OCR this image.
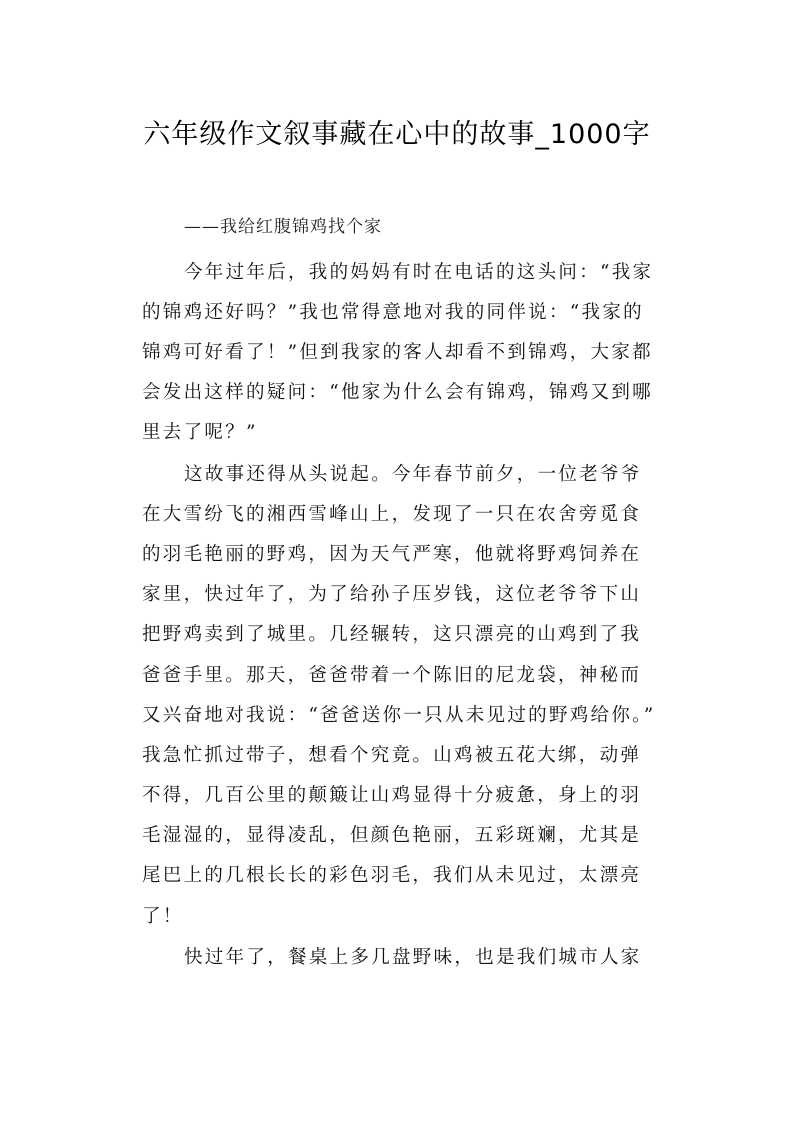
六年级作文叙事藏在心中的故事_1000字
——我给红腹锦鸡找个家
今年过年后，我的妈妈有时在电话的这头问：“我家
的锦鸡还好吗？”我也常得意地对我的同伴说：“我家的
锦鸡可好看了！”但到我家的客人却看不到锦鸡，大家都
会发出这样的疑问：“他家为什么会有锦鸡，锦鸡又到哪
里去了呢？”
这故事还得从头说起。今年春节前夕，一位老爷爷
在大雪纷飞的湘西雪峰山上，发现了一只在农舍旁觅食
的羽毛艳丽的野鸡，因为天气严寒，他就将野鸡饲养在
家里，快过年了，为了给孙子压岁钱，这位老爷爷下山
把野鸡卖到了城里。几经辗转，这只漂亮的山鸡到了我
爸爸手里。那天，爸爸带着一个陈旧的尼龙袋，神秘而
又兴奋地对我说：“爸爸送你一只从未见过的野鸡给你。”
我急忙抓过带子，想看个究竟。山鸡被五花大绑，动弹
不得，几百公里的颠簸让山鸡显得十分疲惫，身上的羽
毛湿湿的，显得凌乱，但颜色艳丽，五彩斑斓，尤其是
尾巴上的几根长长的彩色羽毛，我们从未见过，太漂亮
了！
快过年了，餐桌上多几盘野味，也是我们城市人家
